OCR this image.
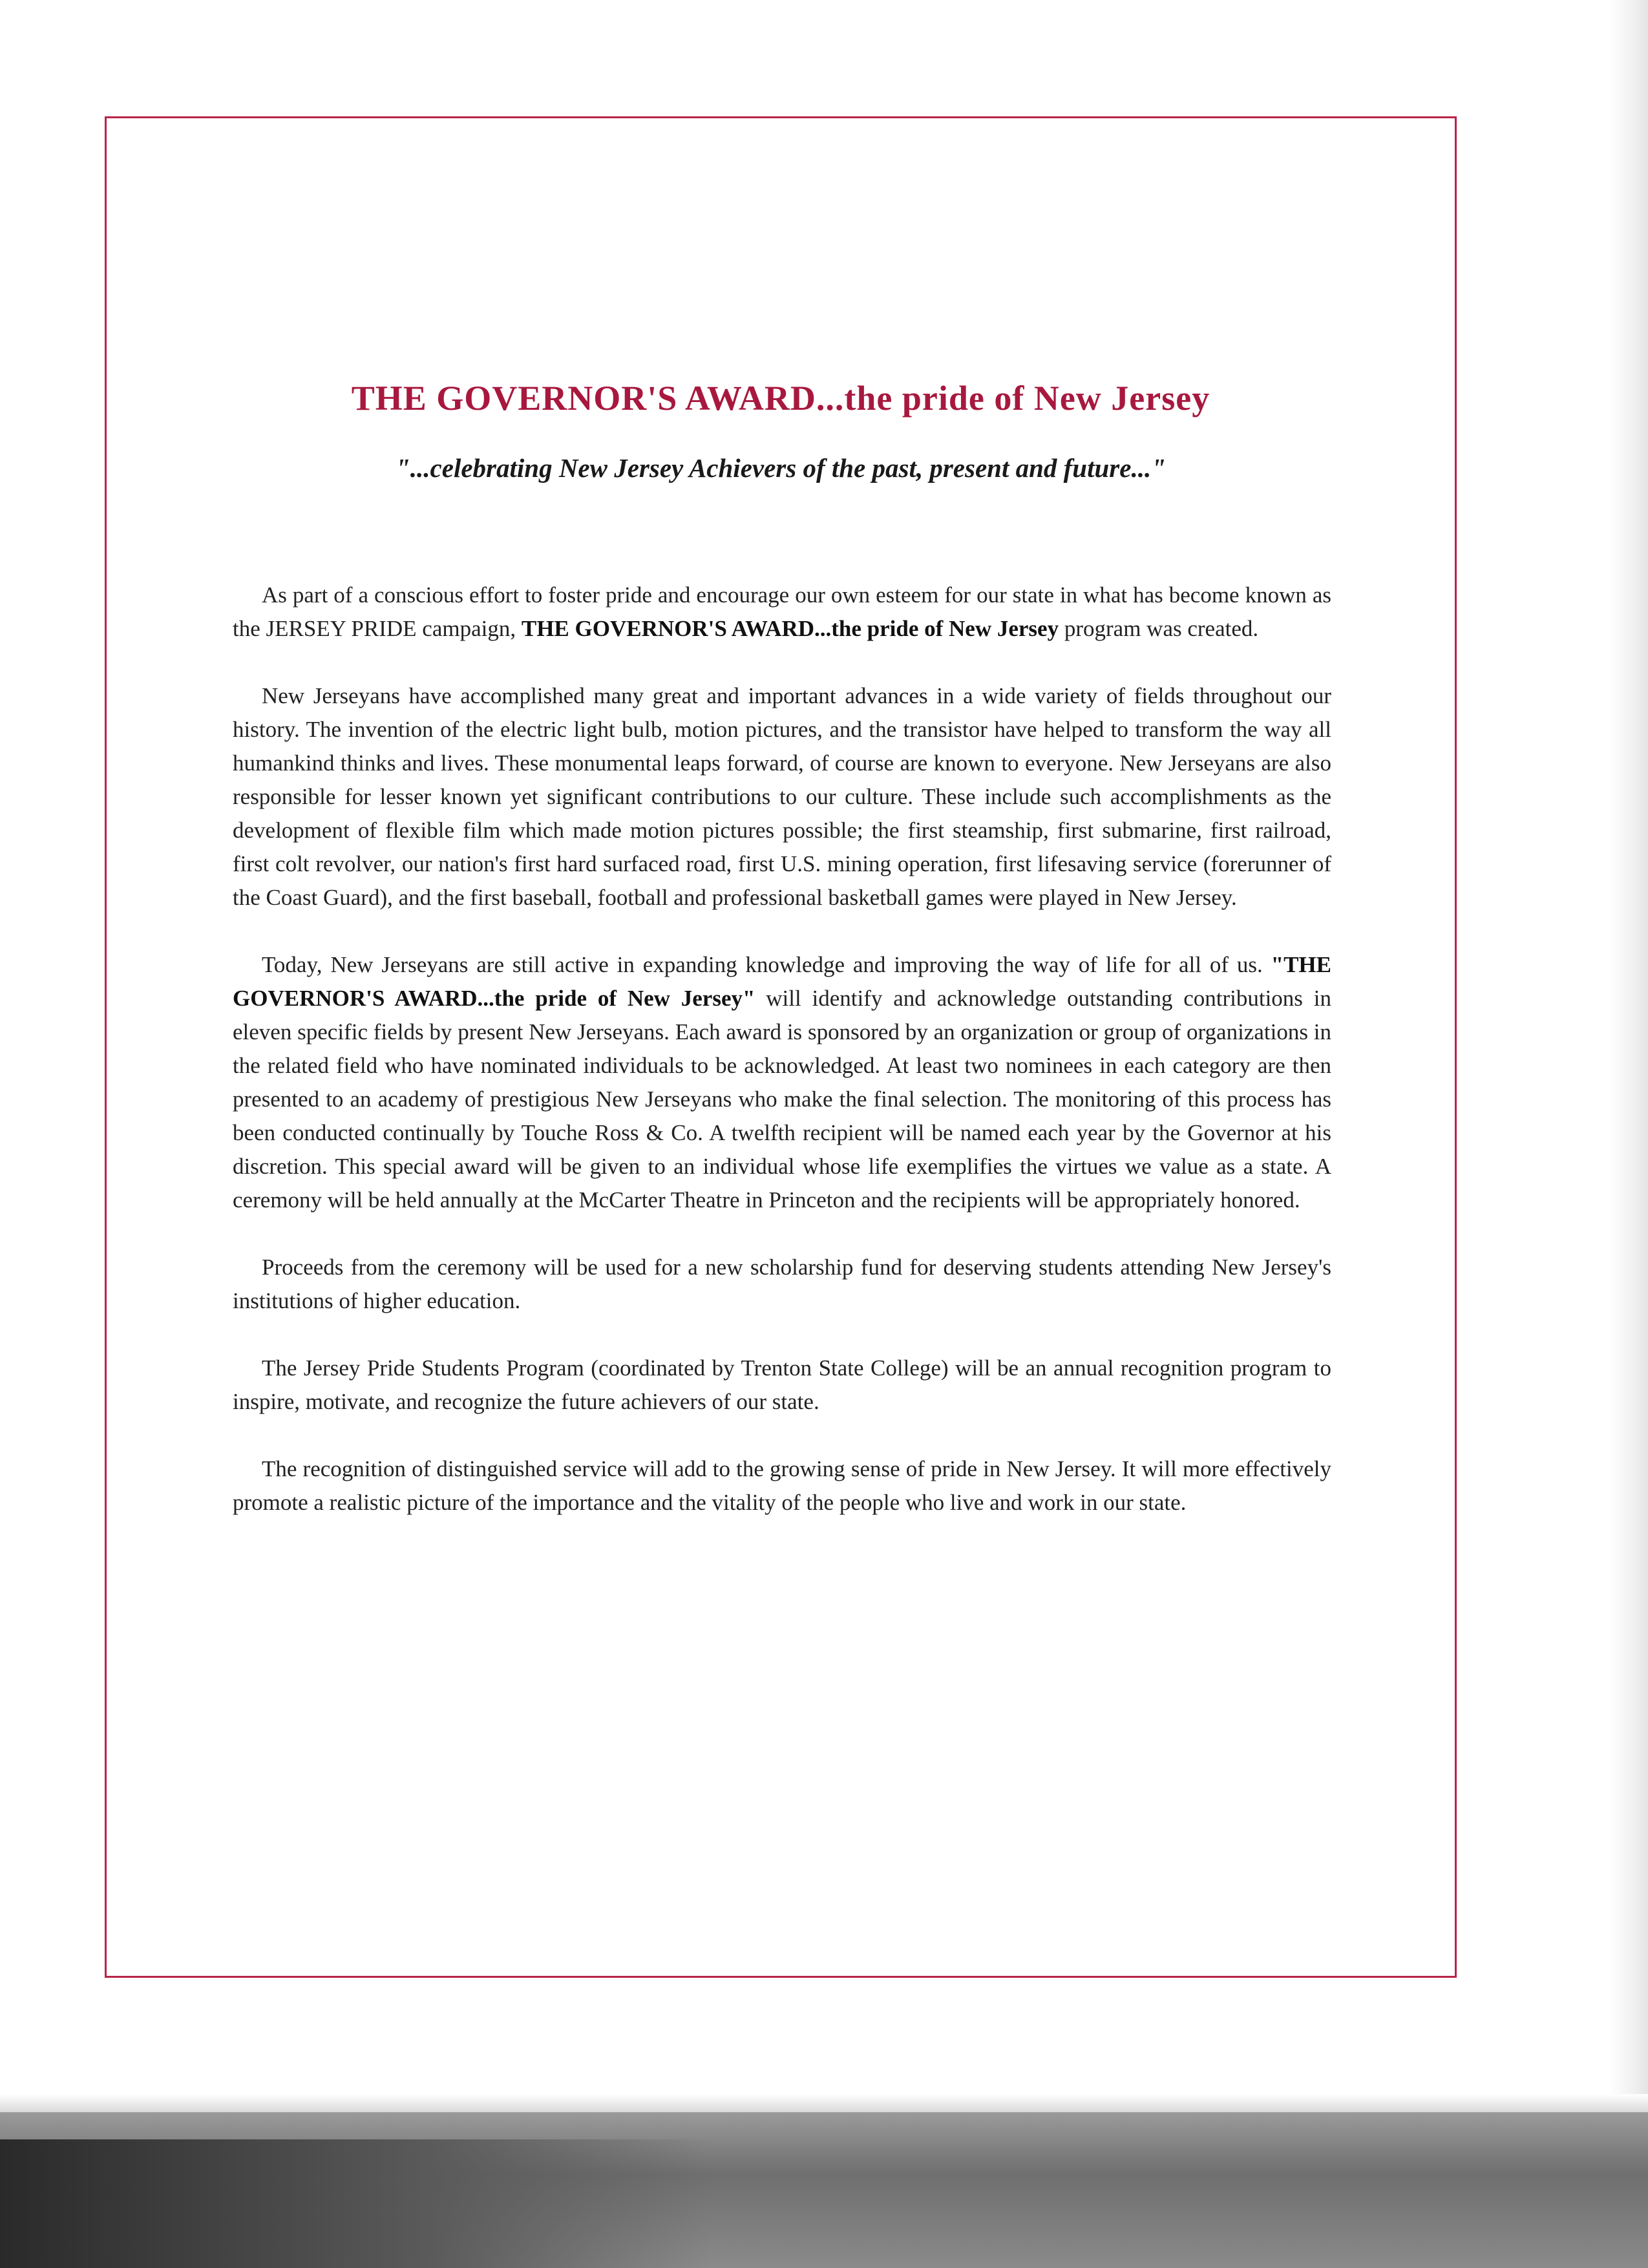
THE GOVERNOR'S AWARD...the pride of New Jersey
"...celebrating New Jersey Achievers of the past, present and future..."

As part of a conscious effort to foster pride and encourage our own esteem for our state in what has become known as the JERSEY PRIDE campaign, THE GOVERNOR'S AWARD...the pride of New Jersey program was created.

New Jerseyans have accomplished many great and important advances in a wide variety of fields throughout our history. The invention of the electric light bulb, motion pictures, and the transistor have helped to transform the way all humankind thinks and lives. These monumental leaps forward, of course are known to everyone. New Jerseyans are also responsible for lesser known yet significant contributions to our culture. These include such accomplishments as the development of flexible film which made motion pictures possible; the first steamship, first submarine, first railroad, first colt revolver, our nation's first hard surfaced road, first U.S. mining operation, first lifesaving service (forerunner of the Coast Guard), and the first baseball, football and professional basketball games were played in New Jersey.

Today, New Jerseyans are still active in expanding knowledge and improving the way of life for all of us. "THE GOVERNOR'S AWARD...the pride of New Jersey" will identify and acknowledge outstanding contributions in eleven specific fields by present New Jerseyans. Each award is sponsored by an organization or group of organizations in the related field who have nominated individuals to be acknowledged. At least two nominees in each category are then presented to an academy of prestigious New Jerseyans who make the final selection. The monitoring of this process has been conducted continually by Touche Ross & Co. A twelfth recipient will be named each year by the Governor at his discretion. This special award will be given to an individual whose life exemplifies the virtues we value as a state. A ceremony will be held annually at the McCarter Theatre in Princeton and the recipients will be appropriately honored.

Proceeds from the ceremony will be used for a new scholarship fund for deserving students attending New Jersey's institutions of higher education.

The Jersey Pride Students Program (coordinated by Trenton State College) will be an annual recognition program to inspire, motivate, and recognize the future achievers of our state.

The recognition of distinguished service will add to the growing sense of pride in New Jersey. It will more effectively promote a realistic picture of the importance and the vitality of the people who live and work in our state.
